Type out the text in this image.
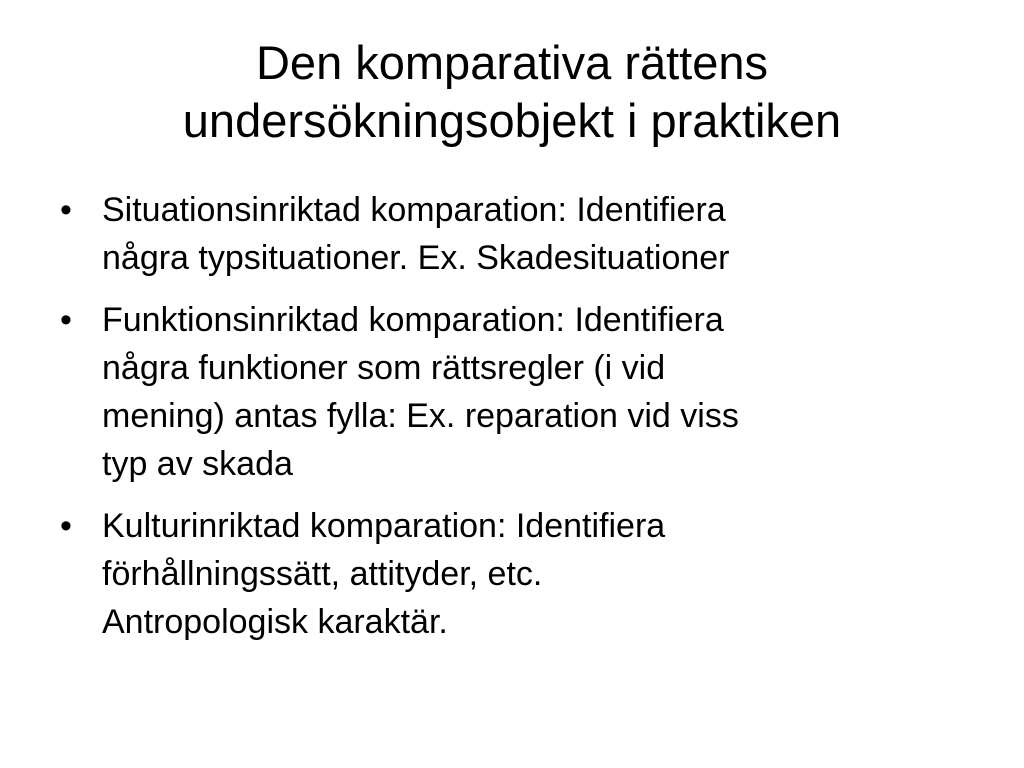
Den komparativa rättens
undersökningsobjekt i praktiken
• Situationsinriktad komparation: Identifiera
några typsituationer. Ex. Skadesituationer
• Funktionsinriktad komparation: Identifiera
några funktioner som rättsregler (i vid
mening) antas fylla: Ex. reparation vid viss
typ av skada
• Kulturinriktad komparation: Identifiera
förhållningssätt, attityder, etc.
Antropologisk karaktär.
